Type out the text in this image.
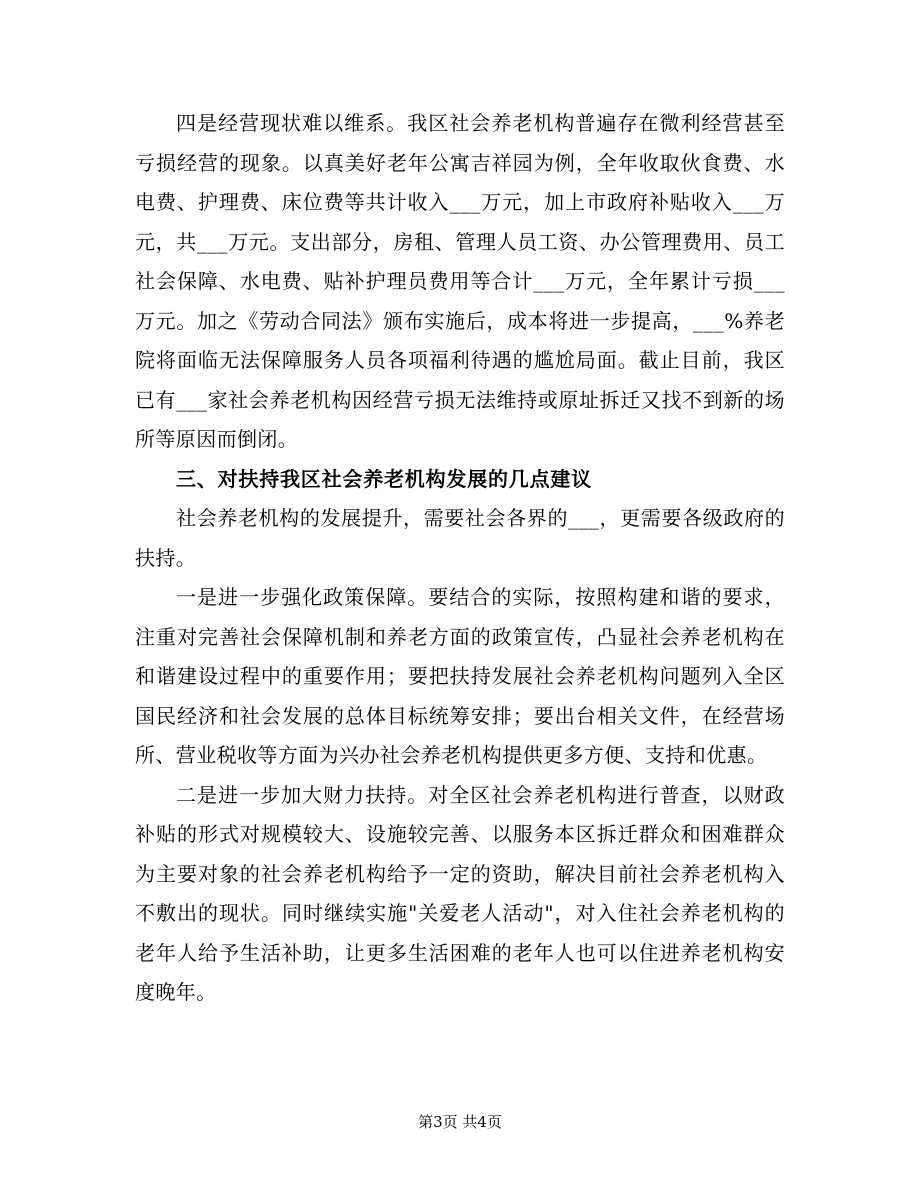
四是经营现状难以维系。我区社会养老机构普遍存在微利经营甚至亏损经营的现象。以真美好老年公寓吉祥园为例，全年收取伙食费、水电费、护理费、床位费等共计收入___万元，加上市政府补贴收入___万元，共___万元。支出部分，房租、管理人员工资、办公管理费用、员工社会保障、水电费、贴补护理员费用等合计___万元，全年累计亏损___万元。加之《劳动合同法》颁布实施后，成本将进一步提高，___%养老院将面临无法保障服务人员各项福利待遇的尴尬局面。截止目前，我区已有___家社会养老机构因经营亏损无法维持或原址拆迁又找不到新的场所等原因而倒闭。

三、对扶持我区社会养老机构发展的几点建议

社会养老机构的发展提升，需要社会各界的___，更需要各级政府的扶持。

一是进一步强化政策保障。要结合的实际，按照构建和谐的要求，注重对完善社会保障机制和养老方面的政策宣传，凸显社会养老机构在和谐建设过程中的重要作用；要把扶持发展社会养老机构问题列入全区国民经济和社会发展的总体目标统筹安排；要出台相关文件，在经营场所、营业税收等方面为兴办社会养老机构提供更多方便、支持和优惠。

二是进一步加大财力扶持。对全区社会养老机构进行普查，以财政补贴的形式对规模较大、设施较完善、以服务本区拆迁群众和困难群众为主要对象的社会养老机构给予一定的资助，解决目前社会养老机构入不敷出的现状。同时继续实施"关爱老人活动"，对入住社会养老机构的老年人给予生活补助，让更多生活困难的老年人也可以住进养老机构安度晚年。

第3页 共4页
